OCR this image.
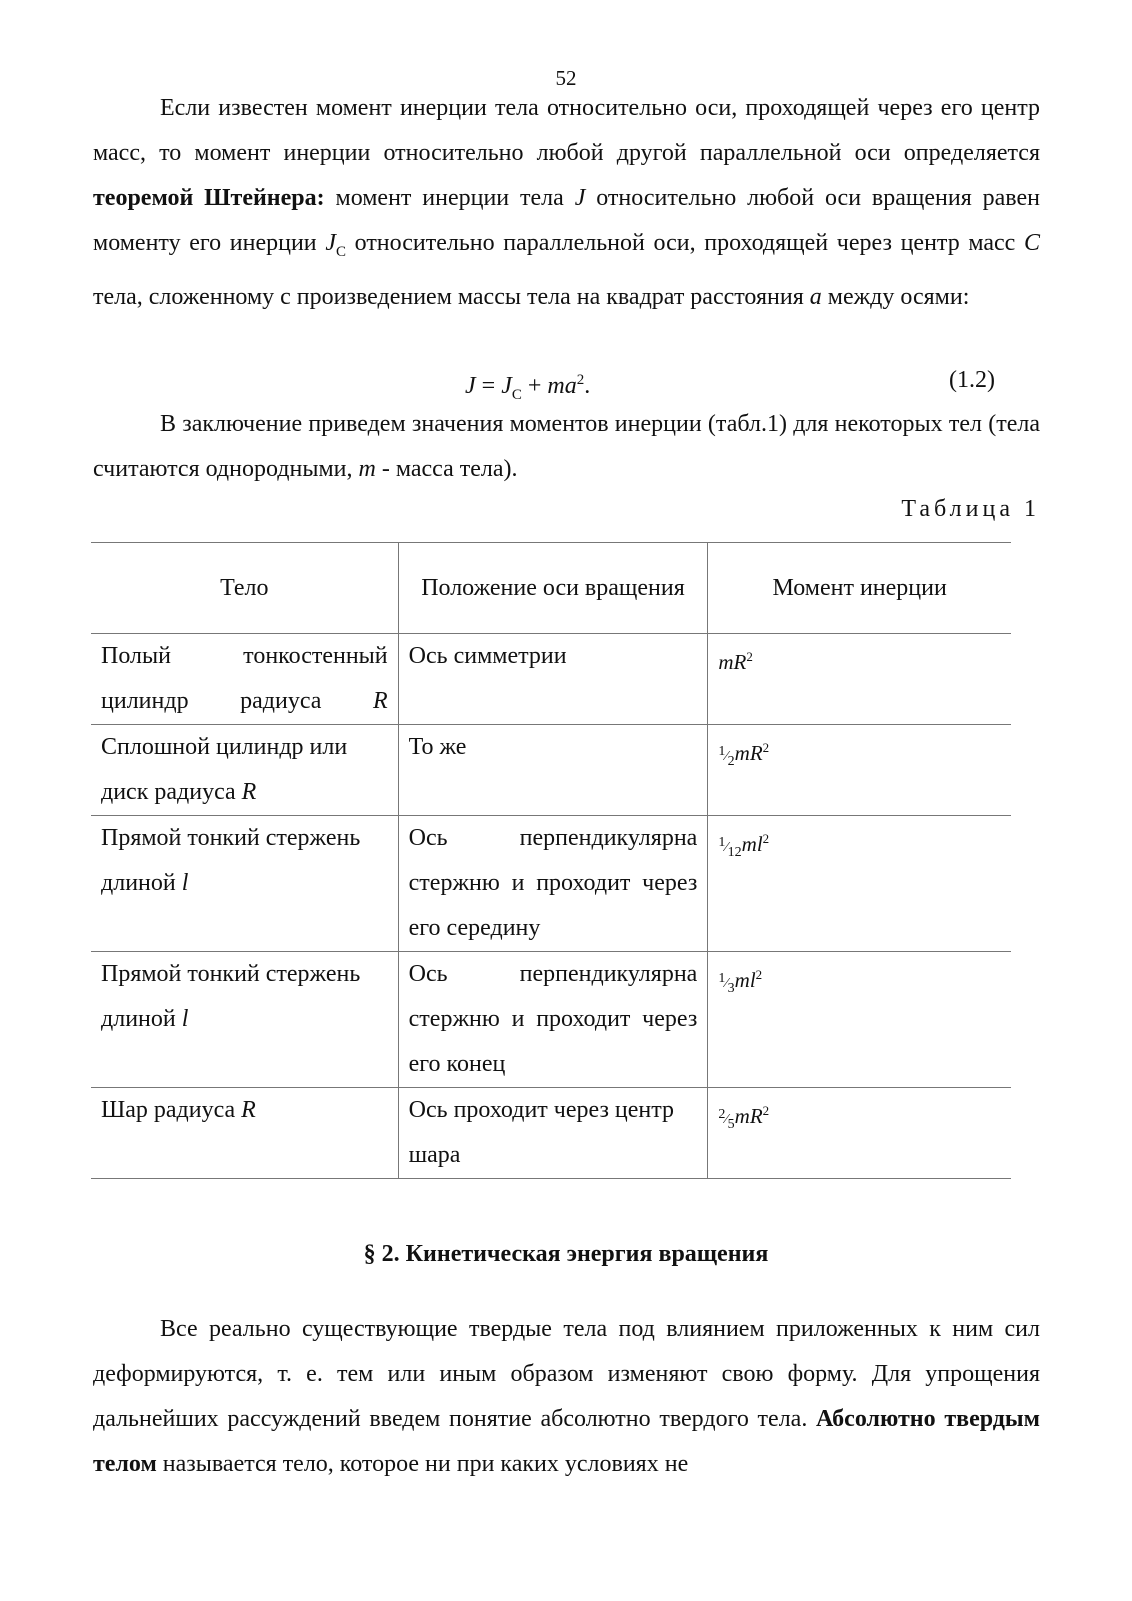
52

Если известен момент инерции тела относительно оси, проходящей через его центр масс, то момент инерции относительно любой другой параллельной оси определяется теоремой Штейнера: момент инерции тела J относительно любой оси вращения равен моменту его инерции $J_C$ относительно параллельной оси, проходящей через центр масс C тела, сложенному с произведением массы тела на квадрат расстояния a между осями:

$J = J_C + ma^2$.	(1.2)

В заключение приведем значения моментов инерции (табл.1) для некоторых тел (тела считаются однородными, m - масса тела).

Таблица 1
Тело	Положение оси вращения	Момент инерции

Полый тонкостенный цилиндр радиуса R	Ось симметрии	$mR^2$
Сплошной цилиндр или диск радиуса R	То же	$1⁄2mR^2$
Прямой тонкий стержень длиной l	Ось перпендикулярна стержню и проходит через его середину	$1⁄12ml^2$
Прямой тонкий стержень длиной l	Ось перпендикулярна стержню и проходит через его конец	$1⁄3ml^2$
Шар радиуса R	Ось проходит через центр шара	$2⁄5mR^2$
§ 2. Кинетическая энергия вращения

Все реально существующие твердые тела под влиянием приложенных к ним сил деформируются, т. е. тем или иным образом изменяют свою форму. Для упрощения дальнейших рассуждений введем понятие абсолютно твердого тела. Абсолютно твердым телом называется тело, которое ни при каких условиях не
